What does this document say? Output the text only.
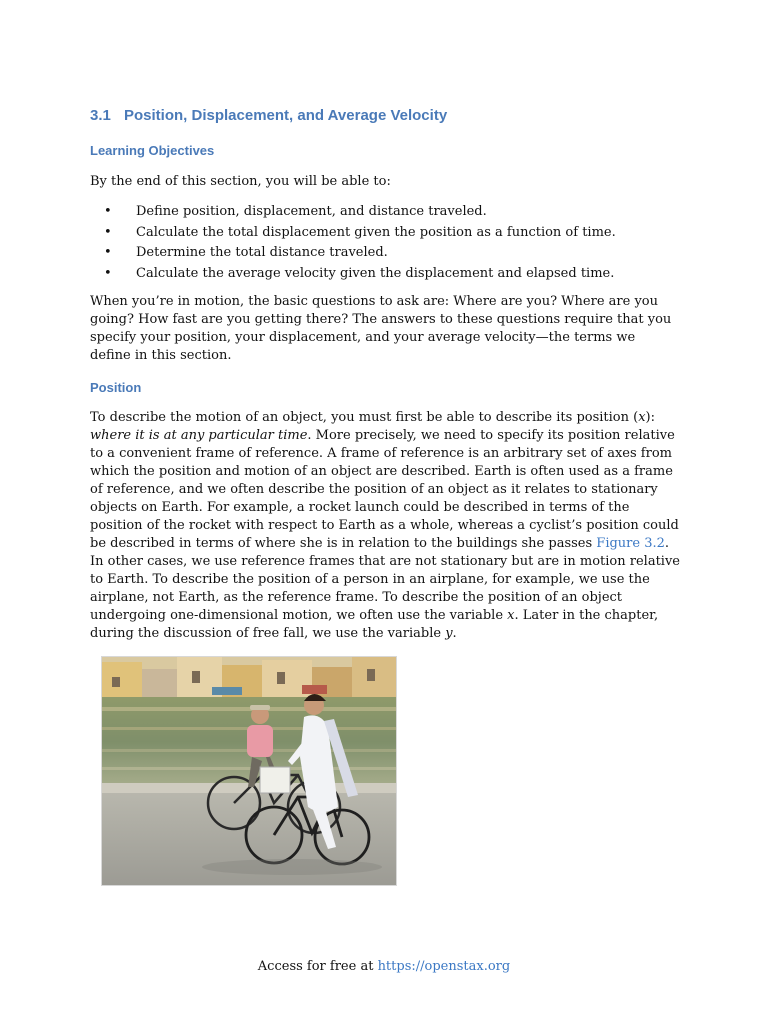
3.1 Position, Displacement, and Average Velocity
Learning Objectives

By the end of this section, you will be able to:

• Define position, displacement, and distance traveled.
• Calculate the total displacement given the position as a function of time.
• Determine the total distance traveled.
• Calculate the average velocity given the displacement and elapsed time.

When you’re in motion, the basic questions to ask are: Where are you? Where are you going? How fast are you getting there? The answers to these questions require that you specify your position, your displacement, and your average velocity—the terms we define in this section.

Position

To describe the motion of an object, you must first be able to describe its position (x): where it is at any particular time. More precisely, we need to specify its position relative to a convenient frame of reference. A frame of reference is an arbitrary set of axes from which the position and motion of an object are described. Earth is often used as a frame of reference, and we often describe the position of an object as it relates to stationary objects on Earth. For example, a rocket launch could be described in terms of the position of the rocket with respect to Earth as a whole, whereas a cyclist’s position could be described in terms of where she is in relation to the buildings she passes Figure 3.2. In other cases, we use reference frames that are not stationary but are in motion relative to Earth. To describe the position of a person in an airplane, for example, we use the airplane, not Earth, as the reference frame. To describe the position of an object undergoing one-dimensional motion, we often use the variable x. Later in the chapter, during the discussion of free fall, we use the variable y.

Access for free at https://openstax.org
